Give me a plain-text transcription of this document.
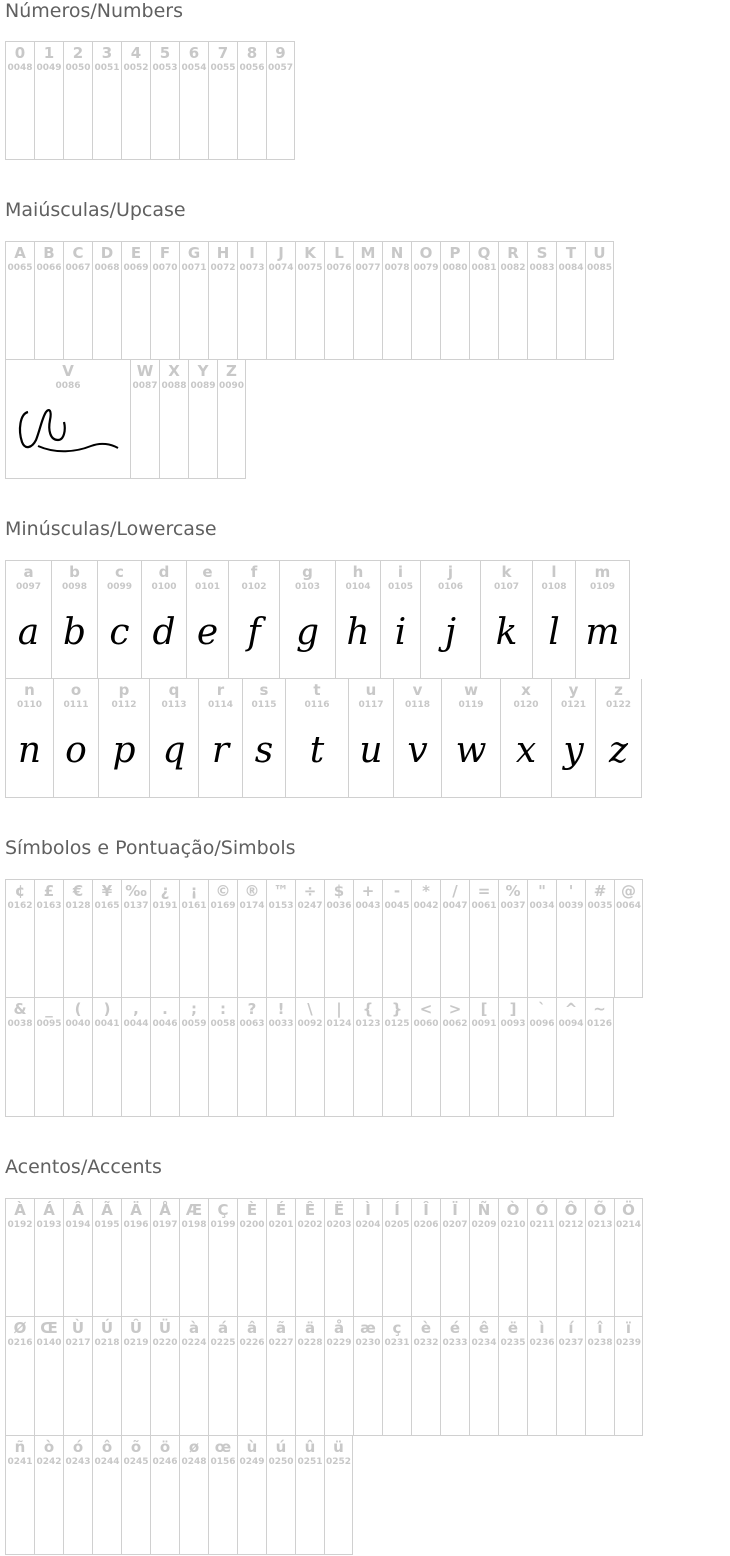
Números/Numbers
0
0048
1
0049
2
0050
3
0051
4
0052
5
0053
6
0054
7
0055
8
0056
9
0057
Maiúsculas/Upcase
A
0065
B
0066
C
0067
D
0068
E
0069
F
0070
G
0071
H
0072
I
0073
J
0074
K
0075
L
0076
M
0077
N
0078
O
0079
P
0080
Q
0081
R
0082
S
0083
T
0084
U
0085
V
0086
W
0087
X
0088
Y
0089
Z
0090
Minúsculas/Lowercase
a
0097
a
b
0098
b
c
0099
c
d
0100
d
e
0101
e
f
0102
f
g
0103
g
h
0104
h
i
0105
i
j
0106
j
k
0107
k
l
0108
l
m
0109
m
n
0110
n
o
0111
o
p
0112
p
q
0113
q
r
0114
r
s
0115
s
t
0116
t
u
0117
u
v
0118
v
w
0119
w
x
0120
x
y
0121
y
z
0122
z
Símbolos e Pontuação/Simbols
¢
0162
£
0163
€
0128
¥
0165
‰
0137
¿
0191
¡
0161
©
0169
®
0174
™
0153
÷
0247
$
0036
+
0043
-
0045
*
0042
/
0047
=
0061
%
0037
"
0034
'
0039
#
0035
@
0064
&
0038
_
0095
(
0040
)
0041
,
0044
.
0046
;
0059
:
0058
?
0063
!
0033
\
0092
|
0124
{
0123
}
0125
<
0060
>
0062
[
0091
]
0093
`
0096
^
0094
~
0126
Acentos/Accents
À
0192
Á
0193
Â
0194
Ã
0195
Ä
0196
Å
0197
Æ
0198
Ç
0199
È
0200
É
0201
Ê
0202
Ë
0203
Ì
0204
Í
0205
Î
0206
Ï
0207
Ñ
0209
Ò
0210
Ó
0211
Ô
0212
Õ
0213
Ö
0214
Ø
0216
Œ
0140
Ù
0217
Ú
0218
Û
0219
Ü
0220
à
0224
á
0225
â
0226
ã
0227
ä
0228
å
0229
æ
0230
ç
0231
è
0232
é
0233
ê
0234
ë
0235
ì
0236
í
0237
î
0238
ï
0239
ñ
0241
ò
0242
ó
0243
ô
0244
õ
0245
ö
0246
ø
0248
œ
0156
ù
0249
ú
0250
û
0251
ü
0252
